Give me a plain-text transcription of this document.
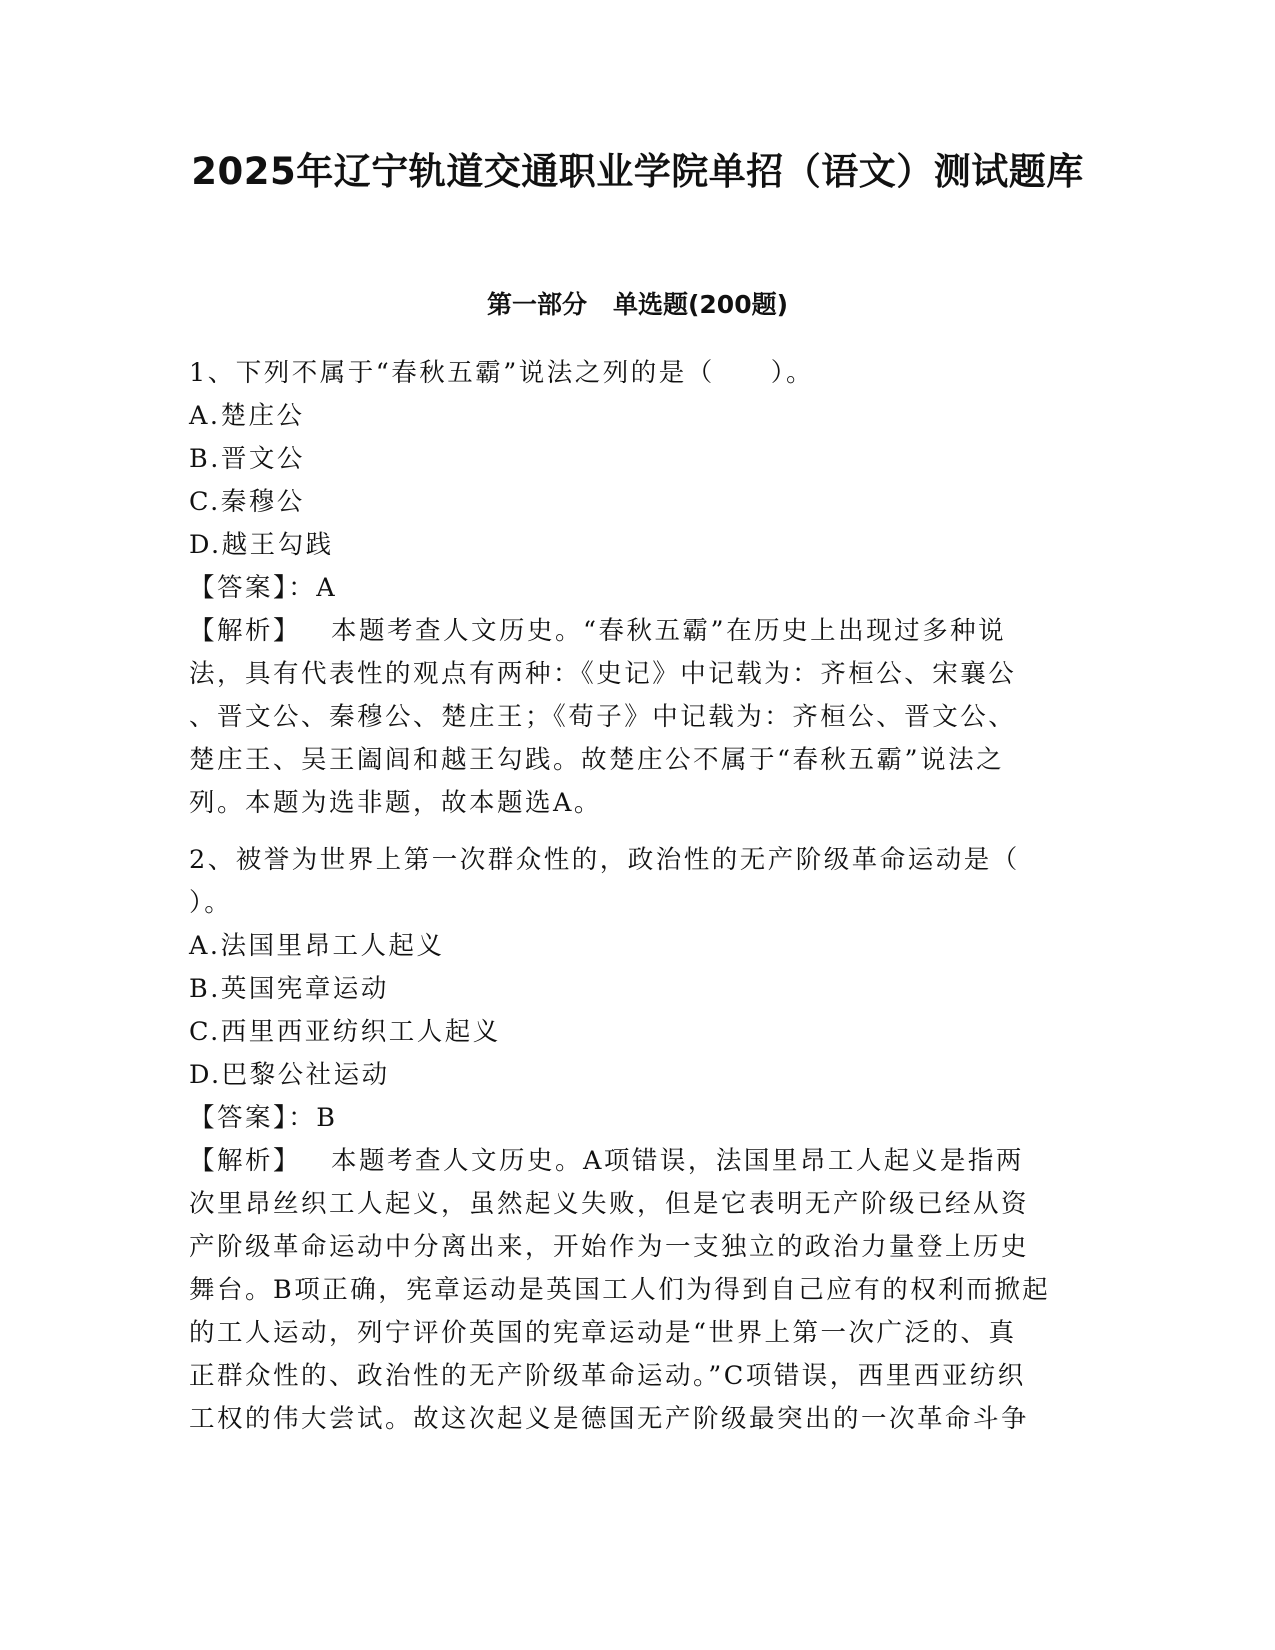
2025年辽宁轨道交通职业学院单招（语文）测试题库
第一部分 单选题(200题)
1、下列不属于“春秋五霸”说法之列的是（　　）。
A.楚庄公
B.晋文公
C.秦穆公
D.越王勾践
【答案】：A
【解析】 本题考查人文历史。“春秋五霸”在历史上出现过多种说
法，具有代表性的观点有两种：《史记》中记载为：齐桓公、宋襄公
、晋文公、秦穆公、楚庄王；《荀子》中记载为：齐桓公、晋文公、
楚庄王、吴王阖闾和越王勾践。故楚庄公不属于“春秋五霸”说法之
列。本题为选非题，故本题选A。
2、被誉为世界上第一次群众性的，政治性的无产阶级革命运动是（
）。
A.法国里昂工人起义
B.英国宪章运动
C.西里西亚纺织工人起义
D.巴黎公社运动
【答案】：B
【解析】 本题考查人文历史。A项错误，法国里昂工人起义是指两
次里昂丝织工人起义，虽然起义失败，但是它表明无产阶级已经从资
产阶级革命运动中分离出来，开始作为一支独立的政治力量登上历史
舞台。B项正确，宪章运动是英国工人们为得到自己应有的权利而掀起
的工人运动，列宁评价英国的宪章运动是“世界上第一次广泛的、真
正群众性的、政治性的无产阶级革命运动。”C项错误，西里西亚纺织
工权的伟大尝试。故这次起义是德国无产阶级最突出的一次革命斗争
